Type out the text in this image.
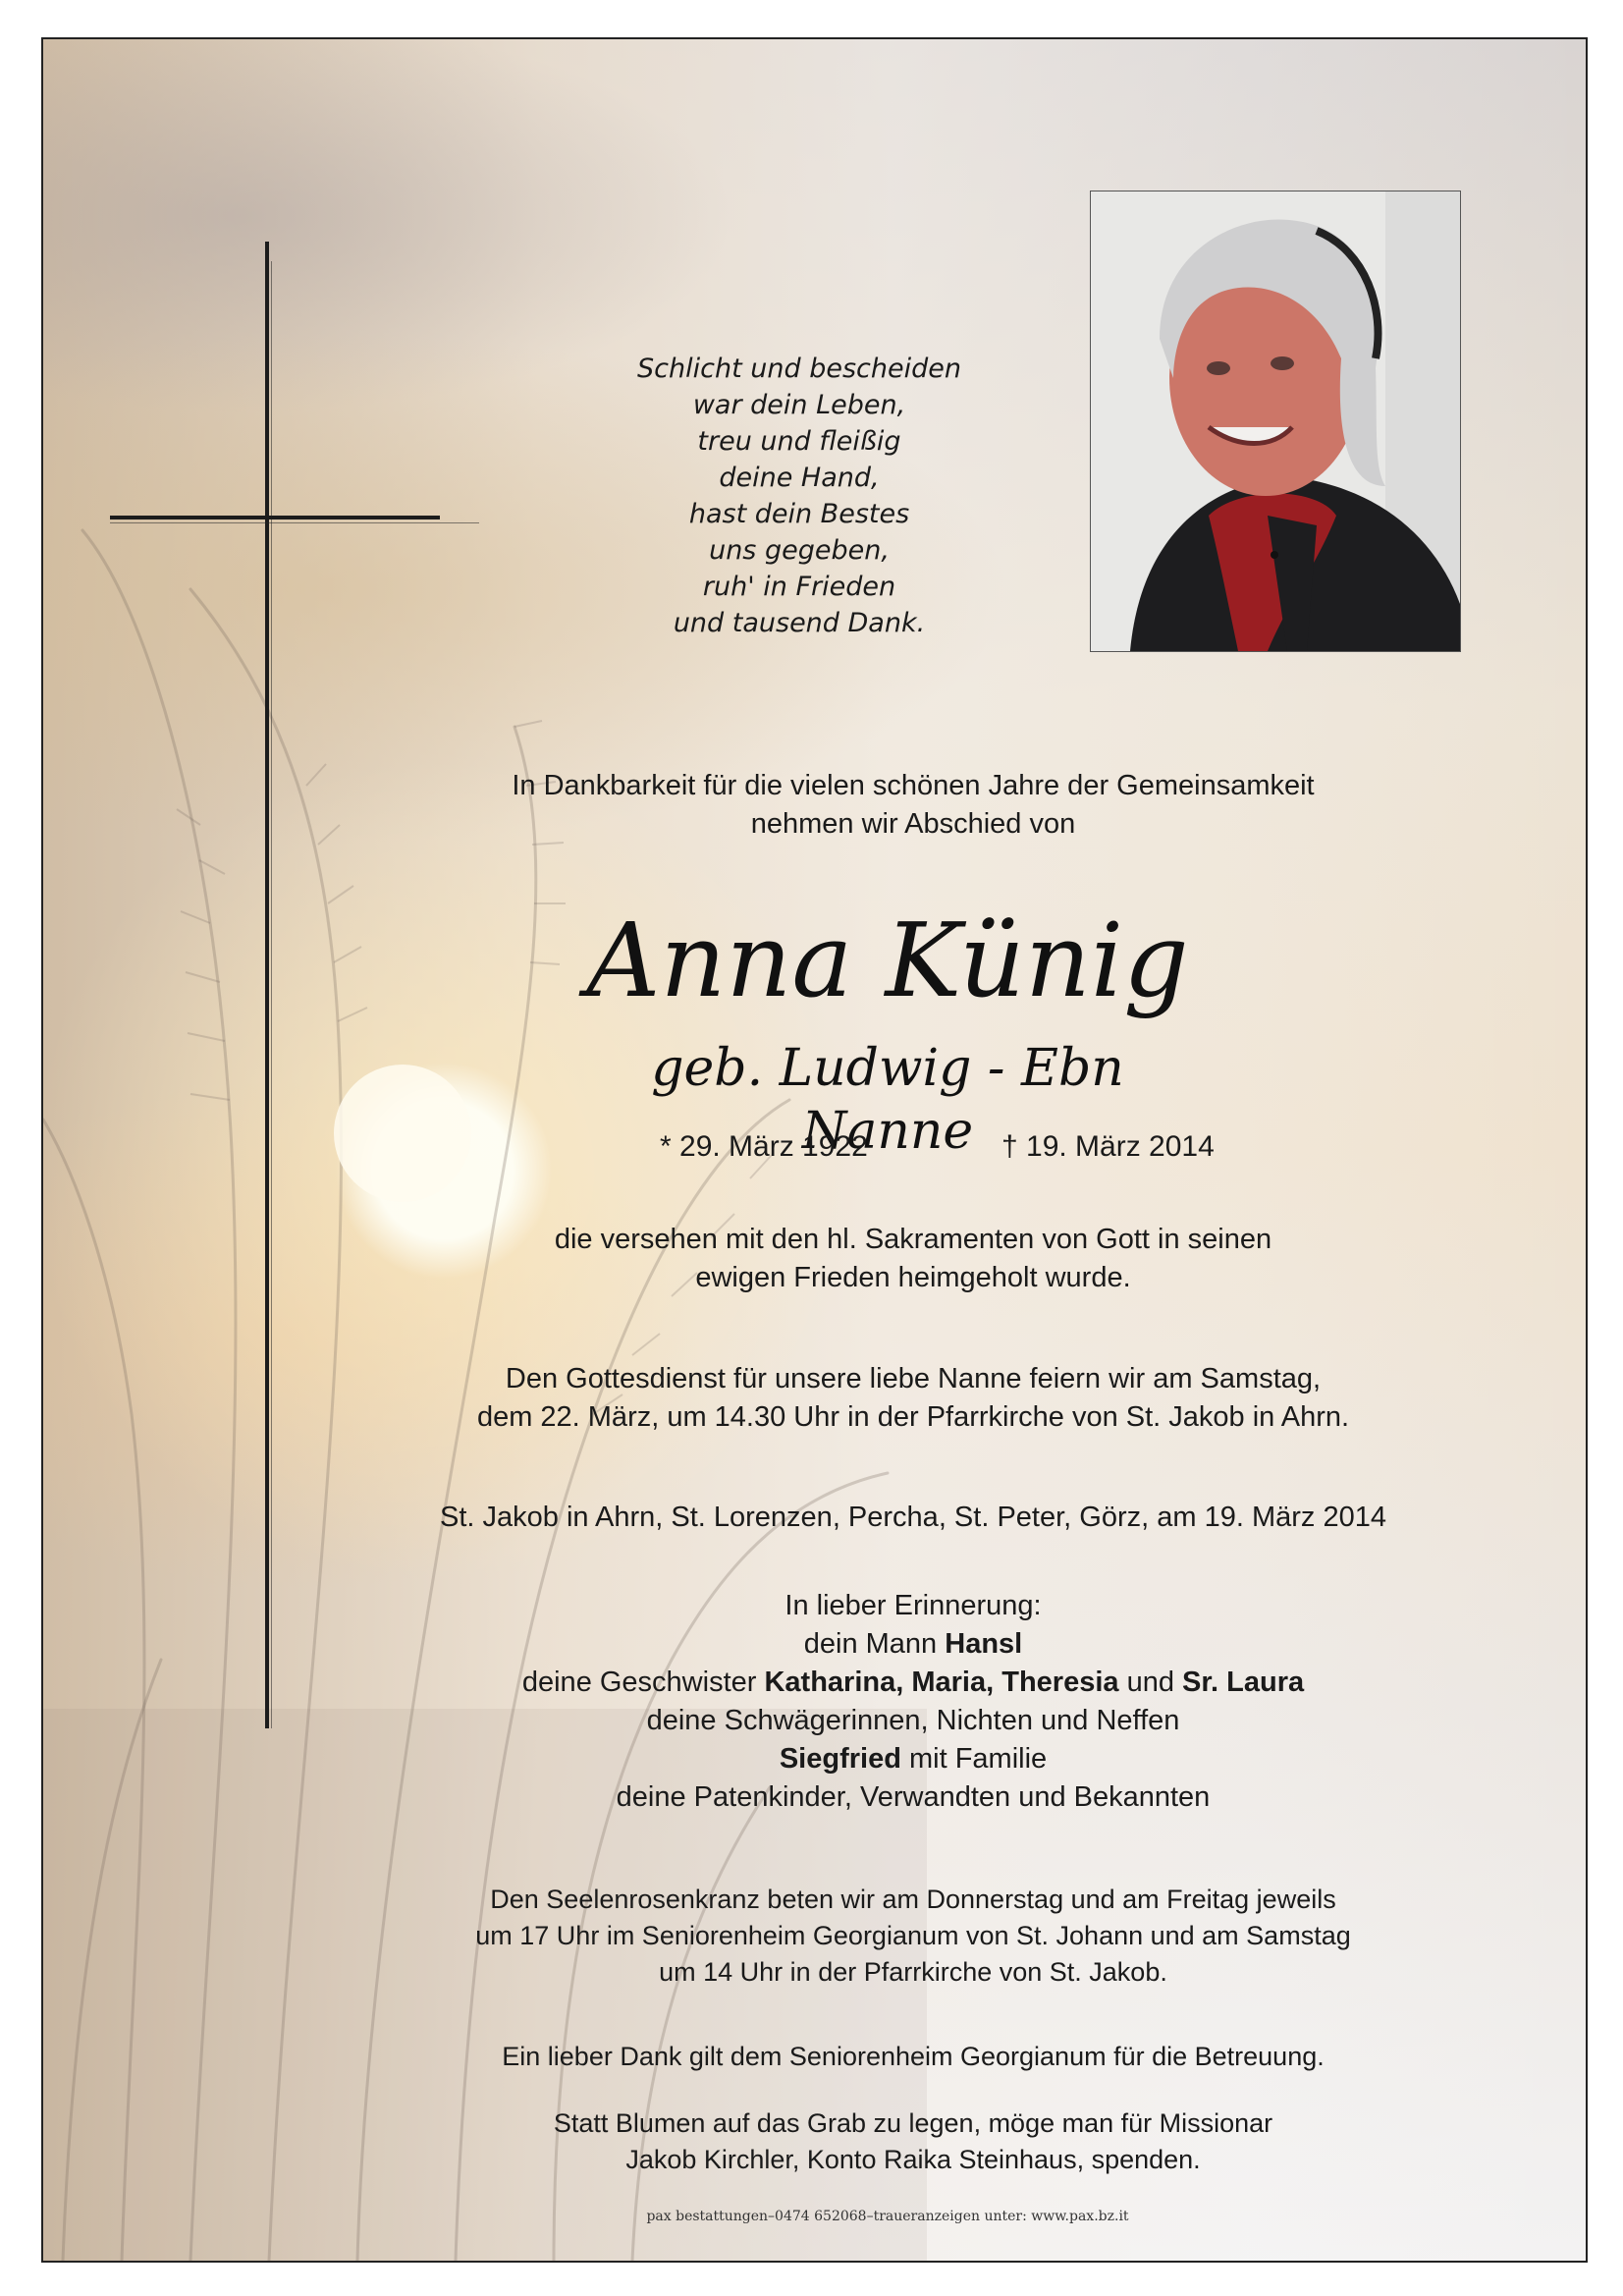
Schlicht und bescheiden
war dein Leben,
treu und fleißig
deine Hand,
hast dein Bestes
uns gegeben,
ruh' in Frieden
und tausend Dank.
In Dankbarkeit für die vielen schönen Jahre der Gemeinsamkeit
nehmen wir Abschied von
Anna Künig
geb. Ludwig - Ebn Nanne
* 29. März 1922	† 19. März 2014
die versehen mit den hl. Sakramenten von Gott in seinen
ewigen Frieden heimgeholt wurde.
Den Gottesdienst für unsere liebe Nanne feiern wir am Samstag,
dem 22. März, um 14.30 Uhr in der Pfarrkirche von St. Jakob in Ahrn.
St. Jakob in Ahrn, St. Lorenzen, Percha, St. Peter, Görz, am 19. März 2014
In lieber Erinnerung:
dein Mann Hansl
deine Geschwister Katharina, Maria, Theresia und Sr. Laura
deine Schwägerinnen, Nichten und Neffen
Siegfried mit Familie
deine Patenkinder, Verwandten und Bekannten
Den Seelenrosenkranz beten wir am Donnerstag und am Freitag jeweils
um 17 Uhr im Seniorenheim Georgianum von St. Johann und am Samstag
um 14 Uhr in der Pfarrkirche von St. Jakob.
Ein lieber Dank gilt dem Seniorenheim Georgianum für die Betreuung.
Statt Blumen auf das Grab zu legen, möge man für Missionar
Jakob Kirchler, Konto Raika Steinhaus, spenden.
pax bestattungen–0474 652068–traueranzeigen unter: www.pax.bz.it
